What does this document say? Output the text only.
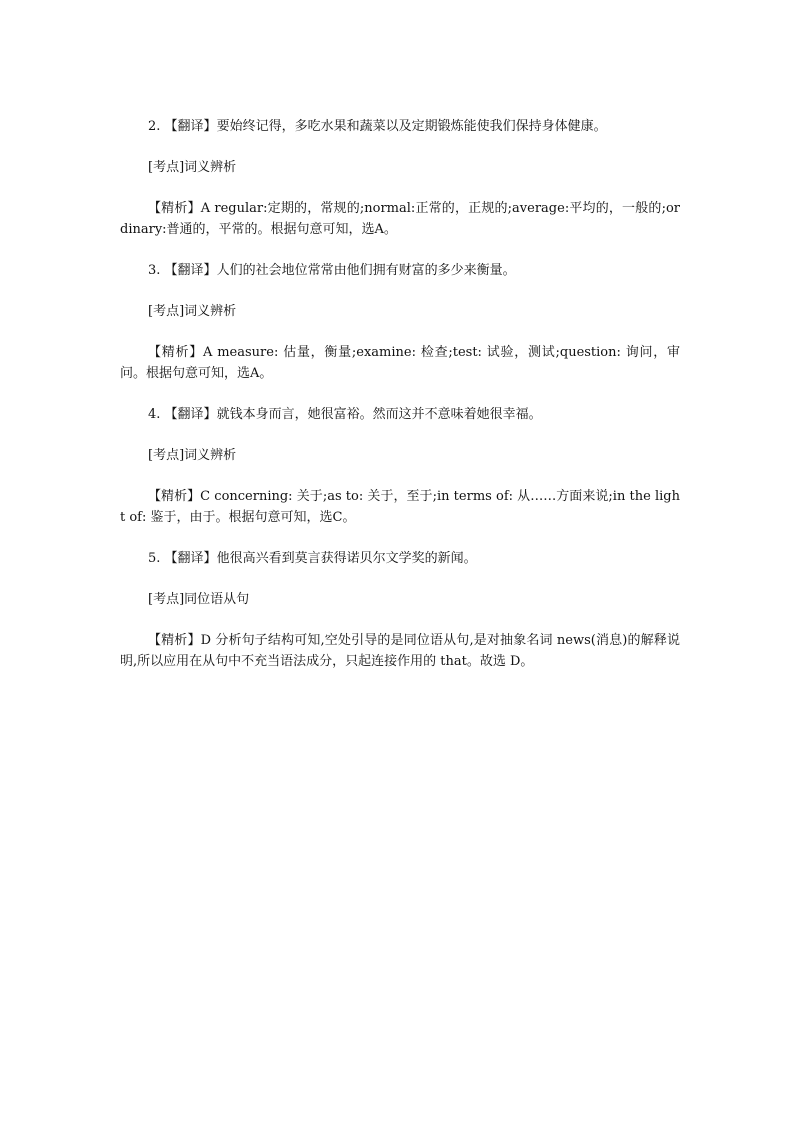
2. 【翻译】要始终记得，多吃水果和蔬菜以及定期锻炼能使我们保持身体健康。

[考点]词义辨析

【精析】A regular:定期的，常规的;normal:正常的，正规的;average:平均的，一般的;ordinary:普通的，平常的。根据句意可知，选A。

3. 【翻译】人们的社会地位常常由他们拥有财富的多少来衡量。

[考点]词义辨析

【精析】A measure: 估量，衡量;examine: 检查;test: 试验，测试;question: 询问，审问。根据句意可知，选A。

4. 【翻译】就钱本身而言，她很富裕。然而这并不意味着她很幸福。

[考点]词义辨析

【精析】C concerning: 关于;as to: 关于，至于;in terms of: 从……方面来说;in the light of: 鉴于，由于。根据句意可知，选C。

5. 【翻译】他很高兴看到莫言获得诺贝尔文学奖的新闻。

[考点]同位语从句

【精析】D 分析句子结构可知,空处引导的是同位语从句,是对抽象名词 news(消息)的解释说明,所以应用在从句中不充当语法成分，只起连接作用的 that。故选 D。
